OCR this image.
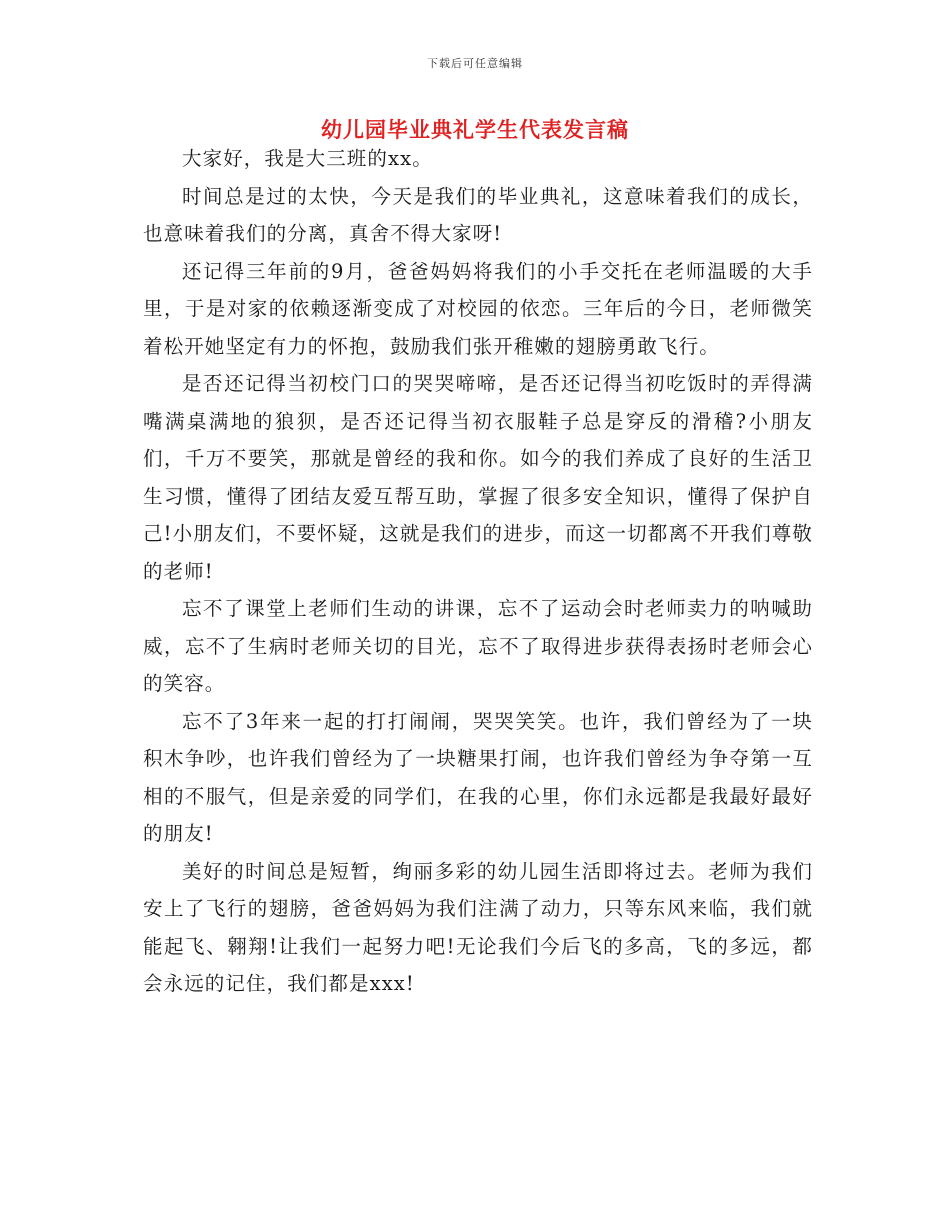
下载后可任意编辑
幼儿园毕业典礼学生代表发言稿

大家好，我是大三班的xx。

时间总是过的太快，今天是我们的毕业典礼，这意味着我们的成长，也意味着我们的分离，真舍不得大家呀!

还记得三年前的9月，爸爸妈妈将我们的小手交托在老师温暖的大手里，于是对家的依赖逐渐变成了对校园的依恋。三年后的今日，老师微笑着松开她坚定有力的怀抱，鼓励我们张开稚嫩的翅膀勇敢飞行。

是否还记得当初校门口的哭哭啼啼，是否还记得当初吃饭时的弄得满嘴满桌满地的狼狈，是否还记得当初衣服鞋子总是穿反的滑稽?小朋友们，千万不要笑，那就是曾经的我和你。如今的我们养成了良好的生活卫生习惯，懂得了团结友爱互帮互助，掌握了很多安全知识，懂得了保护自己!小朋友们，不要怀疑，这就是我们的进步，而这一切都离不开我们尊敬的老师!

忘不了课堂上老师们生动的讲课，忘不了运动会时老师卖力的呐喊助威，忘不了生病时老师关切的目光，忘不了取得进步获得表扬时老师会心的笑容。

忘不了3年来一起的打打闹闹，哭哭笑笑。也许，我们曾经为了一块积木争吵，也许我们曾经为了一块糖果打闹，也许我们曾经为争夺第一互相的不服气，但是亲爱的同学们，在我的心里，你们永远都是我最好最好的朋友!

美好的时间总是短暂，绚丽多彩的幼儿园生活即将过去。老师为我们安上了飞行的翅膀，爸爸妈妈为我们注满了动力，只等东风来临，我们就能起飞、翱翔!让我们一起努力吧!无论我们今后飞的多高，飞的多远，都会永远的记住，我们都是xxx!
